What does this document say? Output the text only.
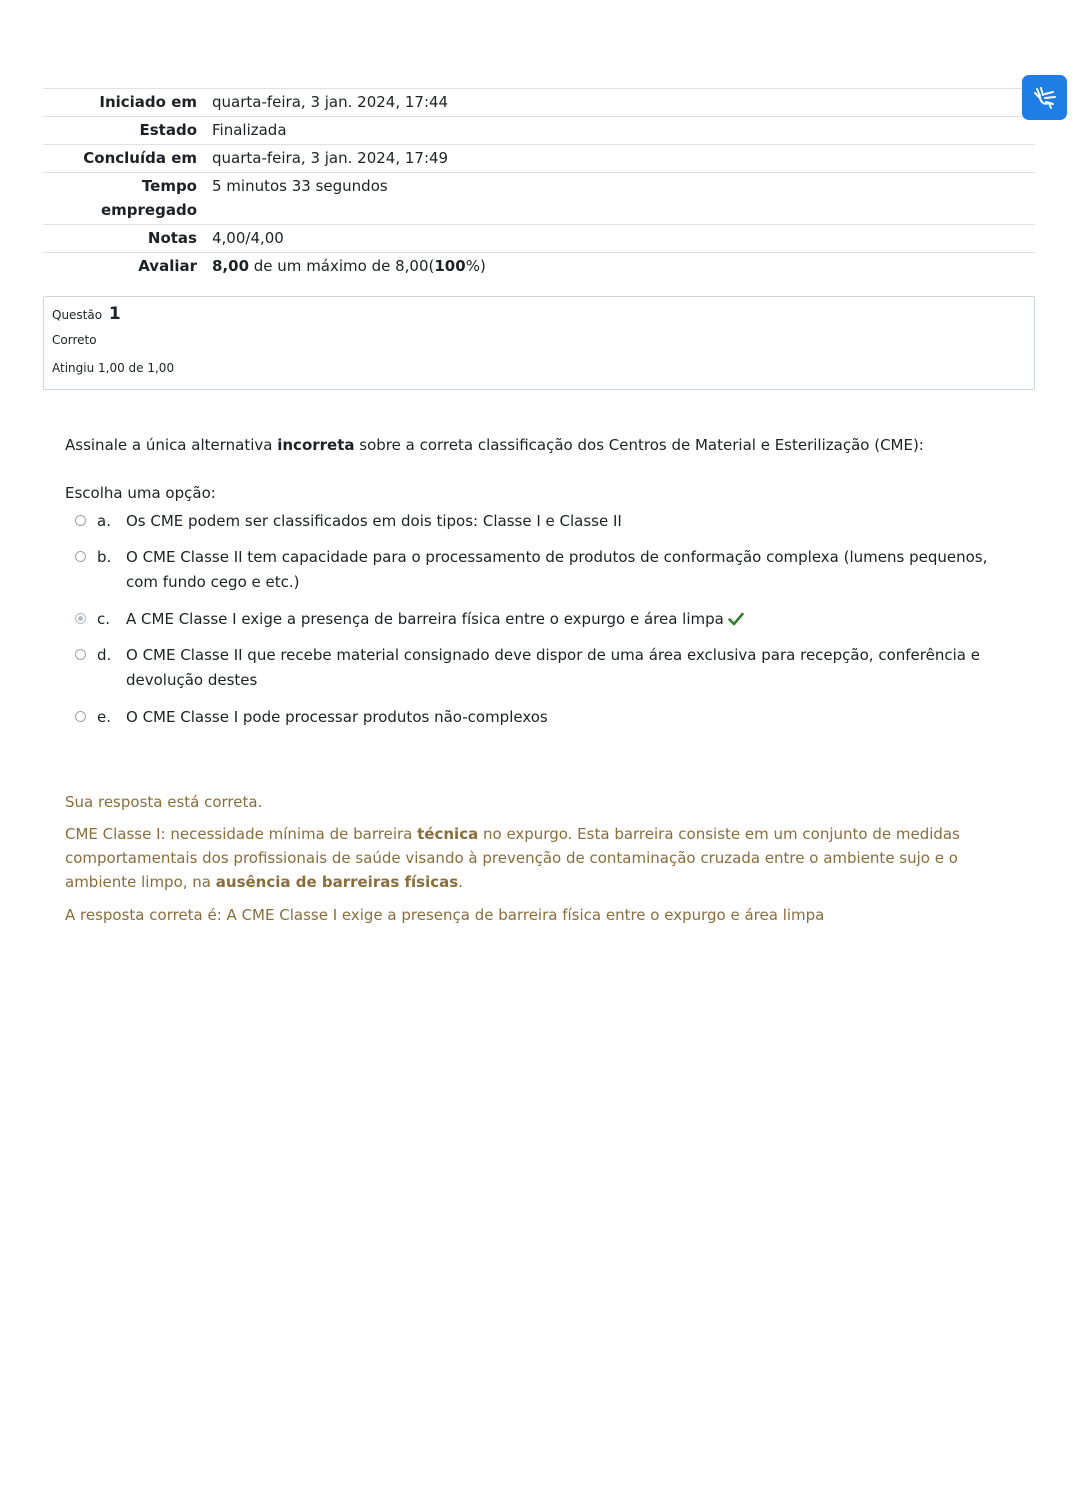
Iniciado em	quarta-feira, 3 jan. 2024, 17:44
Estado	Finalizada
Concluída em	quarta-feira, 3 jan. 2024, 17:49
Tempo empregado	5 minutos 33 segundos
Notas	4,00/4,00
Avaliar	8,00 de um máximo de 8,00(100%)
Questão 1
Correto
Atingiu 1,00 de 1,00
Assinale a única alternativa incorreta sobre a correta classificação dos Centros de Material e Esterilização (CME):
Escolha uma opção:
a. Os CME podem ser classificados em dois tipos: Classe I e Classe II
b. O CME Classe II tem capacidade para o processamento de produtos de conformação complexa (lumens pequenos, com fundo cego e etc.)
c. A CME Classe I exige a presença de barreira física entre o expurgo e área limpa
d. O CME Classe II que recebe material consignado deve dispor de uma área exclusiva para recepção, conferência e devolução destes
e. O CME Classe I pode processar produtos não-complexos
Sua resposta está correta.
CME Classe I: necessidade mínima de barreira técnica no expurgo. Esta barreira consiste em um conjunto de medidas comportamentais dos profissionais de saúde visando à prevenção de contaminação cruzada entre o ambiente sujo e o ambiente limpo, na ausência de barreiras físicas.
A resposta correta é: A CME Classe I exige a presença de barreira física entre o expurgo e área limpa
